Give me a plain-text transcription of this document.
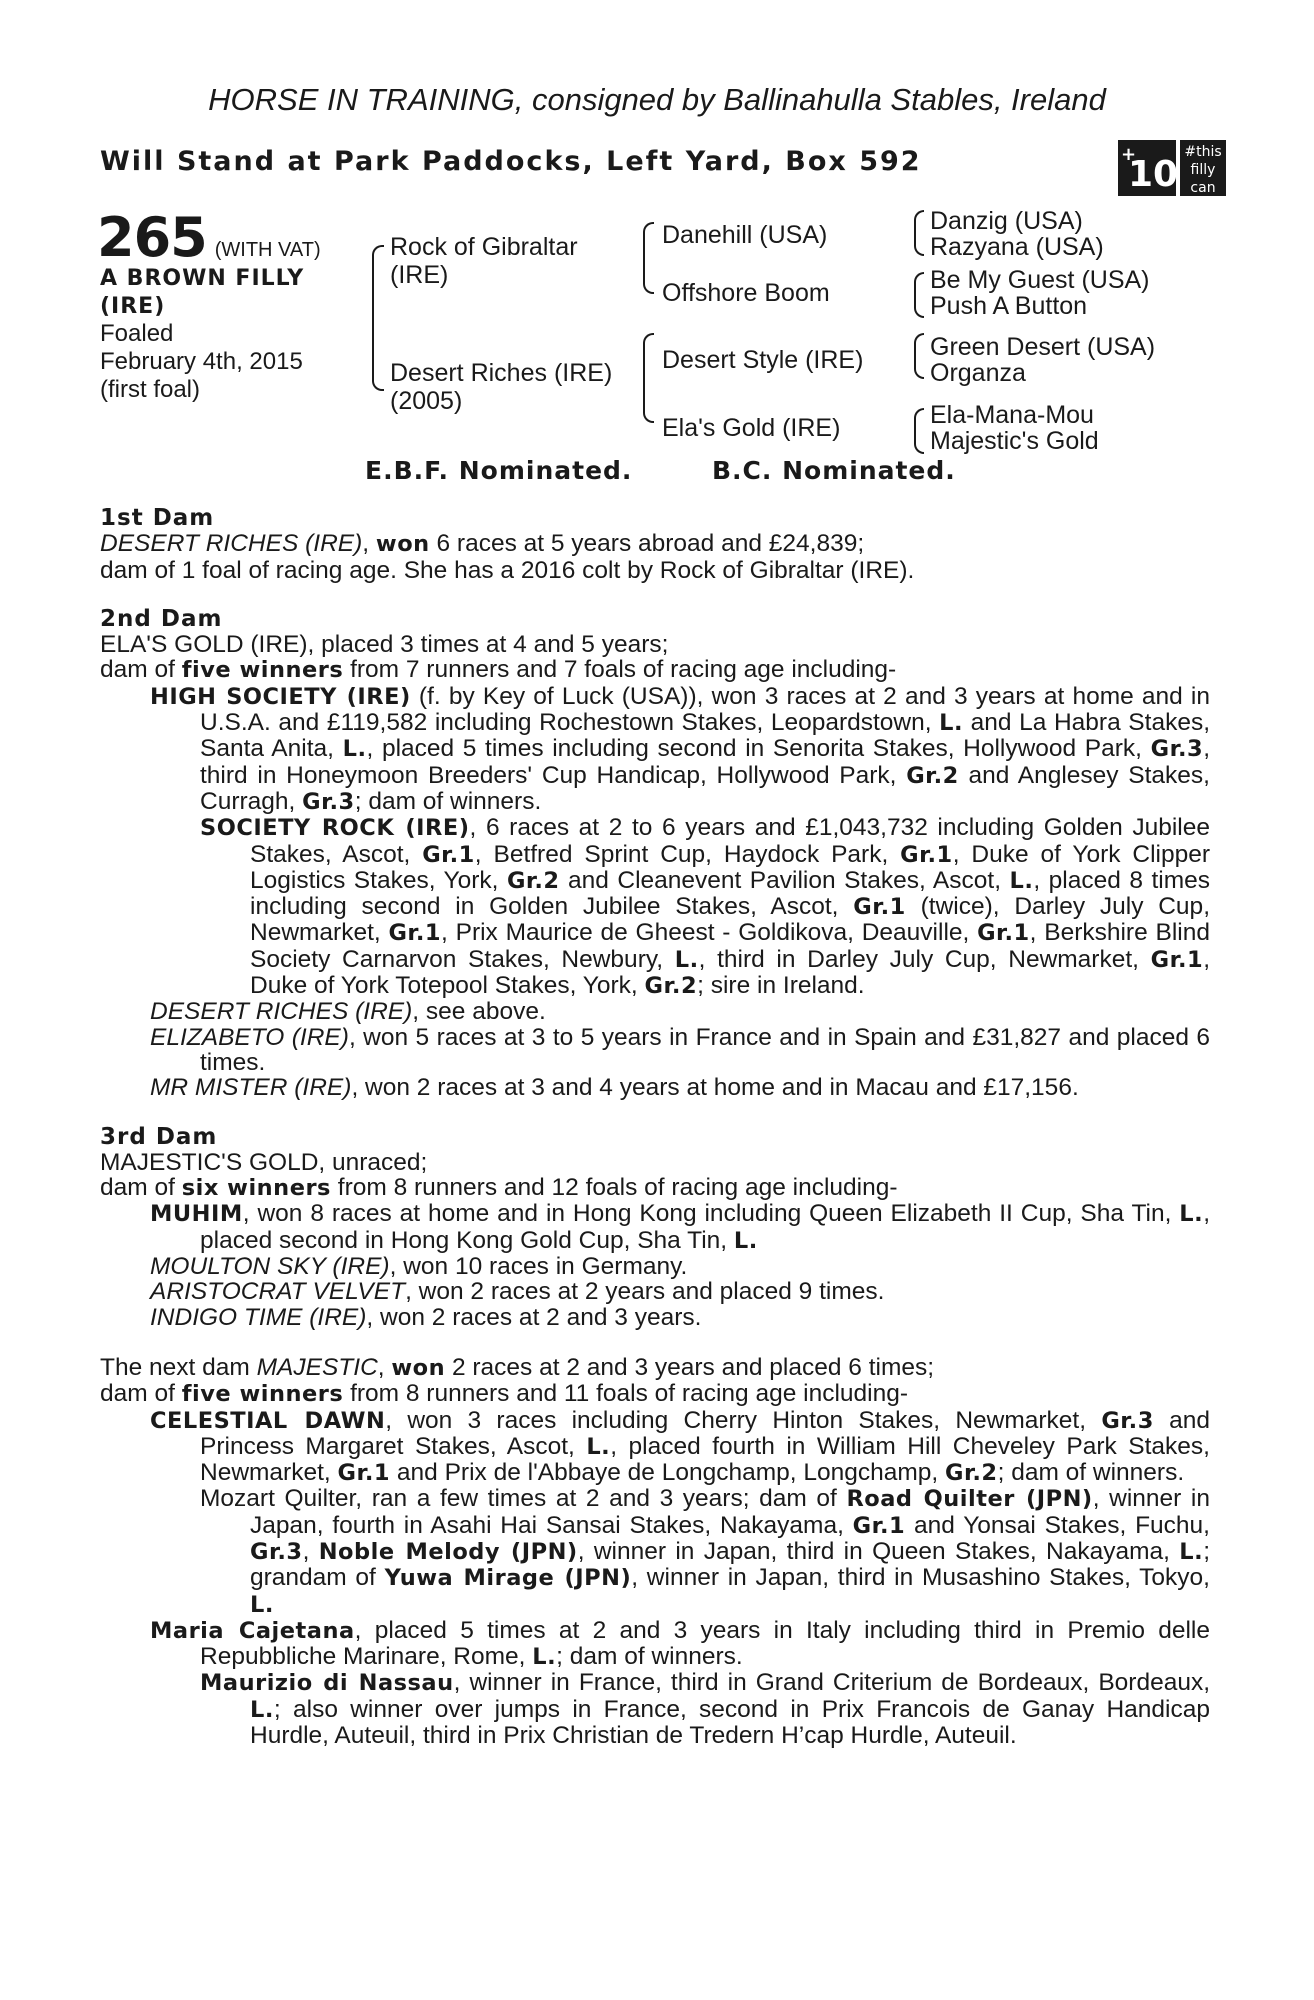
HORSE IN TRAINING, consigned by Ballinahulla Stables, Ireland
Will Stand at Park Paddocks, Left Yard, Box 592	+
10
#this
filly
can
265 (WITH VAT)
A BROWN FILLY
(IRE)
Foaled
February 4th, 2015
(first foal)
Rock of Gibraltar
(IRE)
Desert Riches (IRE)
(2005)
Danehill (USA)
Offshore Boom
Desert Style (IRE)
Ela's Gold (IRE)
Danzig (USA)
Razyana (USA)
Be My Guest (USA)
Push A Button
Green Desert (USA)
Organza
Ela-Mana-Mou
Majestic's Gold
E.B.F. Nominated.	B.C. Nominated.
1st Dam
DESERT RICHES (IRE), won 6 races at 5 years abroad and £24,839;
dam of 1 foal of racing age. She has a 2016 colt by Rock of Gibraltar (IRE).
2nd Dam
ELA'S GOLD (IRE), placed 3 times at 4 and 5 years;
dam of five winners from 7 runners and 7 foals of racing age including-
HIGH SOCIETY (IRE) (f. by Key of Luck (USA)), won 3 races at 2 and 3 years at home and in U.S.A. and £119,582 including Rochestown Stakes, Leopardstown, L. and La Habra Stakes, Santa Anita, L., placed 5 times including second in Senorita Stakes, Hollywood Park, Gr.3, third in Honeymoon Breeders' Cup Handicap, Hollywood Park, Gr.2 and Anglesey Stakes, Curragh, Gr.3; dam of winners.
SOCIETY ROCK (IRE), 6 races at 2 to 6 years and £1,043,732 including Golden Jubilee Stakes, Ascot, Gr.1, Betfred Sprint Cup, Haydock Park, Gr.1, Duke of York Clipper Logistics Stakes, York, Gr.2 and Cleanevent Pavilion Stakes, Ascot, L., placed 8 times including second in Golden Jubilee Stakes, Ascot, Gr.1 (twice), Darley July Cup, Newmarket, Gr.1, Prix Maurice de Gheest - Goldikova, Deauville, Gr.1, Berkshire Blind Society Carnarvon Stakes, Newbury, L., third in Darley July Cup, Newmarket, Gr.1, Duke of York Totepool Stakes, York, Gr.2; sire in Ireland.
DESERT RICHES (IRE), see above.
ELIZABETO (IRE), won 5 races at 3 to 5 years in France and in Spain and £31,827 and placed 6 times.
MR MISTER (IRE), won 2 races at 3 and 4 years at home and in Macau and £17,156.
3rd Dam
MAJESTIC'S GOLD, unraced;
dam of six winners from 8 runners and 12 foals of racing age including-
MUHIM, won 8 races at home and in Hong Kong including Queen Elizabeth II Cup, Sha Tin, L., placed second in Hong Kong Gold Cup, Sha Tin, L.
MOULTON SKY (IRE), won 10 races in Germany.
ARISTOCRAT VELVET, won 2 races at 2 years and placed 9 times.
INDIGO TIME (IRE), won 2 races at 2 and 3 years.
The next dam MAJESTIC, won 2 races at 2 and 3 years and placed 6 times;
dam of five winners from 8 runners and 11 foals of racing age including-
CELESTIAL DAWN, won 3 races including Cherry Hinton Stakes, Newmarket, Gr.3 and Princess Margaret Stakes, Ascot, L., placed fourth in William Hill Cheveley Park Stakes, Newmarket, Gr.1 and Prix de l'Abbaye de Longchamp, Longchamp, Gr.2; dam of winners.
Mozart Quilter, ran a few times at 2 and 3 years; dam of Road Quilter (JPN), winner in Japan, fourth in Asahi Hai Sansai Stakes, Nakayama, Gr.1 and Yonsai Stakes, Fuchu, Gr.3, Noble Melody (JPN), winner in Japan, third in Queen Stakes, Nakayama, L.; grandam of Yuwa Mirage (JPN), winner in Japan, third in Musashino Stakes, Tokyo, L.
Maria Cajetana, placed 5 times at 2 and 3 years in Italy including third in Premio delle Repubbliche Marinare, Rome, L.; dam of winners.
Maurizio di Nassau, winner in France, third in Grand Criterium de Bordeaux, Bordeaux, L.; also winner over jumps in France, second in Prix Francois de Ganay Handicap Hurdle, Auteuil, third in Prix Christian de Tredern H’cap Hurdle, Auteuil.
